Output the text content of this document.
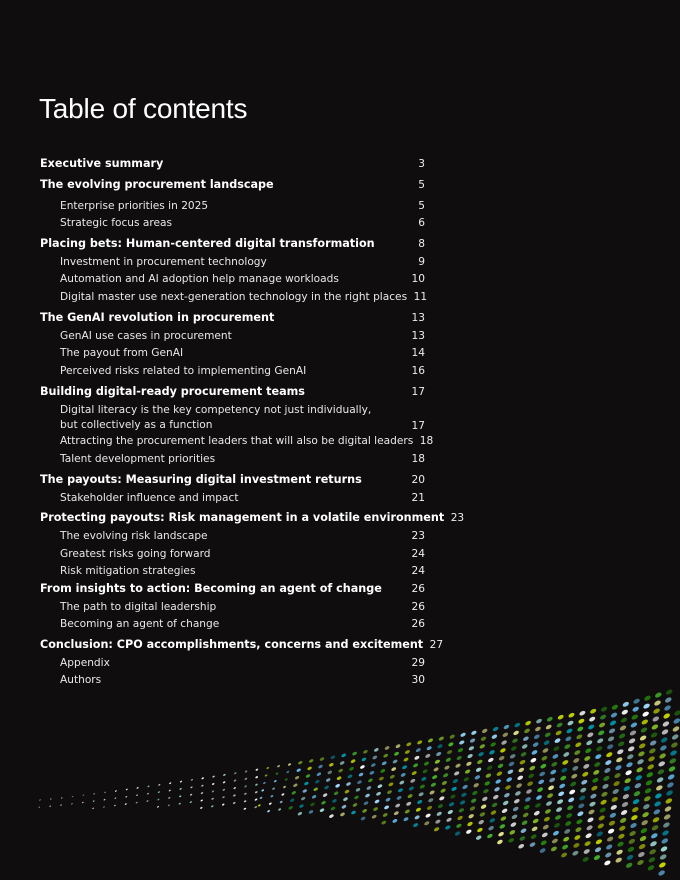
Table of contents
Executive summary	3
The evolving procurement landscape	5
Enterprise priorities in 2025	5
Strategic focus areas	6
Placing bets: Human-centered digital transformation	8
Investment in procurement technology	9
Automation and AI adoption help manage workloads	10
Digital master use next-generation technology in the right places 11
The GenAI revolution in procurement	13
GenAI use cases in procurement	13
The payout from GenAI	14
Perceived risks related to implementing GenAI	16
Building digital-ready procurement teams	17
Digital literacy is the key competency not just individually, but collectively as a function	17
Attracting the procurement leaders that will also be digital leaders 18
Talent development priorities	18
The payouts: Measuring digital investment returns	20
Stakeholder influence and impact	21
Protecting payouts: Risk management in a volatile environment 23
The evolving risk landscape	23
Greatest risks going forward	24
Risk mitigation strategies	24
From insights to action: Becoming an agent of change	26
The path to digital leadership	26
Becoming an agent of change	26
Conclusion: CPO accomplishments, concerns and excitement 27
Appendix	29
Authors	30
